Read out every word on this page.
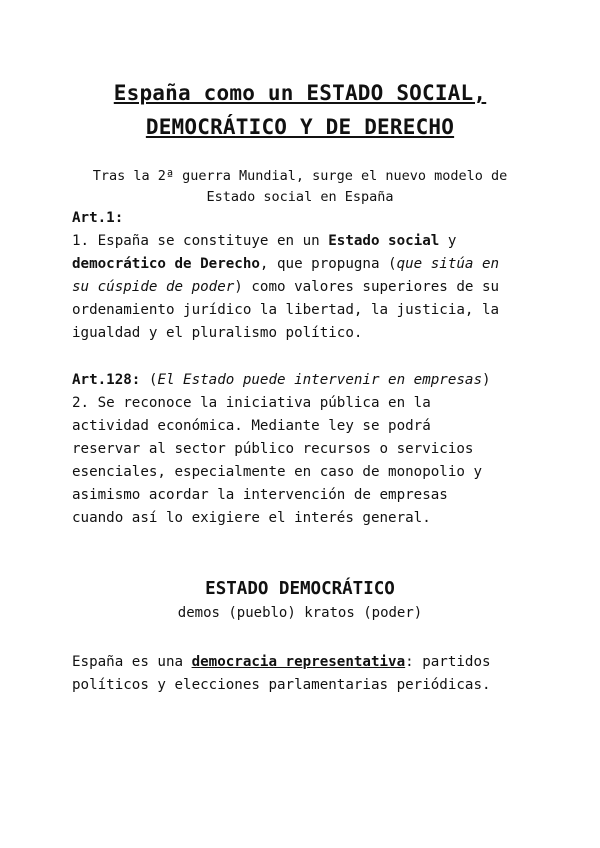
España como un ESTADO SOCIAL,
DEMOCRÁTICO Y DE DERECHO
Tras la 2ª guerra Mundial, surge el nuevo modelo de
Estado social en España
Art.1:
1. España se constituye en un Estado social y
democrático de Derecho, que propugna (que sitúa en
su cúspide de poder) como valores superiores de su
ordenamiento jurídico la libertad, la justicia, la
igualdad y el pluralismo político.
Art.128: (El Estado puede intervenir en empresas)
2. Se reconoce la iniciativa pública en la
actividad económica. Mediante ley se podrá
reservar al sector público recursos o servicios
esenciales, especialmente en caso de monopolio y
asimismo acordar la intervención de empresas
cuando así lo exigiere el interés general.
ESTADO DEMOCRÁTICO
demos (pueblo) kratos (poder)
España es una democracia representativa: partidos
políticos y elecciones parlamentarias periódicas.
